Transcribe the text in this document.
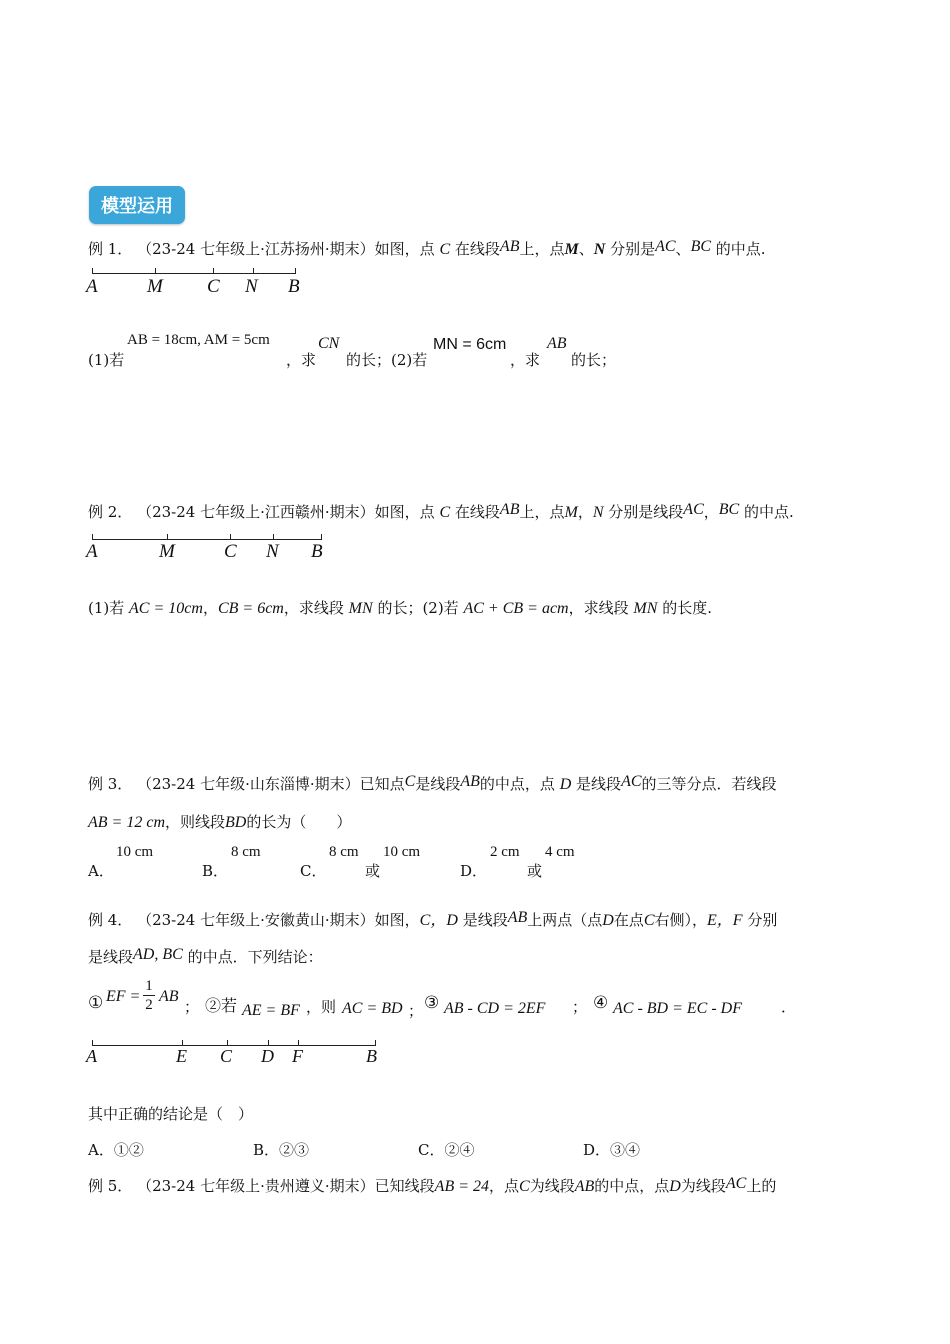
模型运用
例 1． （23-24 七年级上·江苏扬州·期末）如图，点 C 在线段AB上，点M、N 分别是AC、BC 的中点.
A	M C N B
(1)若
AB = 18cm, AM = 5cm
，求
CN
的长；(2)若
MN = 6cm
，求
AB
的长；
例 2． （23-24 七年级上·江西赣州·期末）如图，点 C 在线段AB上，点M，N 分别是线段AC，BC 的中点.
A	M	C N B
(1)若 AC = 10cm，CB = 6cm，求线段 MN 的长；(2)若 AC + CB = acm，求线段 MN 的长度.
例 3． （23-24 七年级·山东淄博·期末）已知点C是线段AB的中点，点 D 是线段AC的三等分点．若线段
AB = 12 cm，则线段BD的长为（　　）
A．
10 cm
B．
8 cm
C．
8 cm
或
10 cm
D．
2 cm
或
4 cm
例 4． （23-24 七年级上·安徽黄山·期末）如图，C，D 是线段AB上两点（点D在点C右侧），E，F 分别
是线段AD, BC 的中点．下列结论：
① EF = $\frac{1}{2}$ AB
； ②若 AE = BF ，则 AC = BD ； ③ AB - CD = 2EF ； ④ AC - BD = EC - DF	．
A	E C D F	B
其中正确的结论是（　）
A．①②	B．②③	C．②④	D．③④
例 5． （23-24 七年级上·贵州遵义·期末）已知线段AB = 24，点C为线段AB的中点，点D为线段AC上的
